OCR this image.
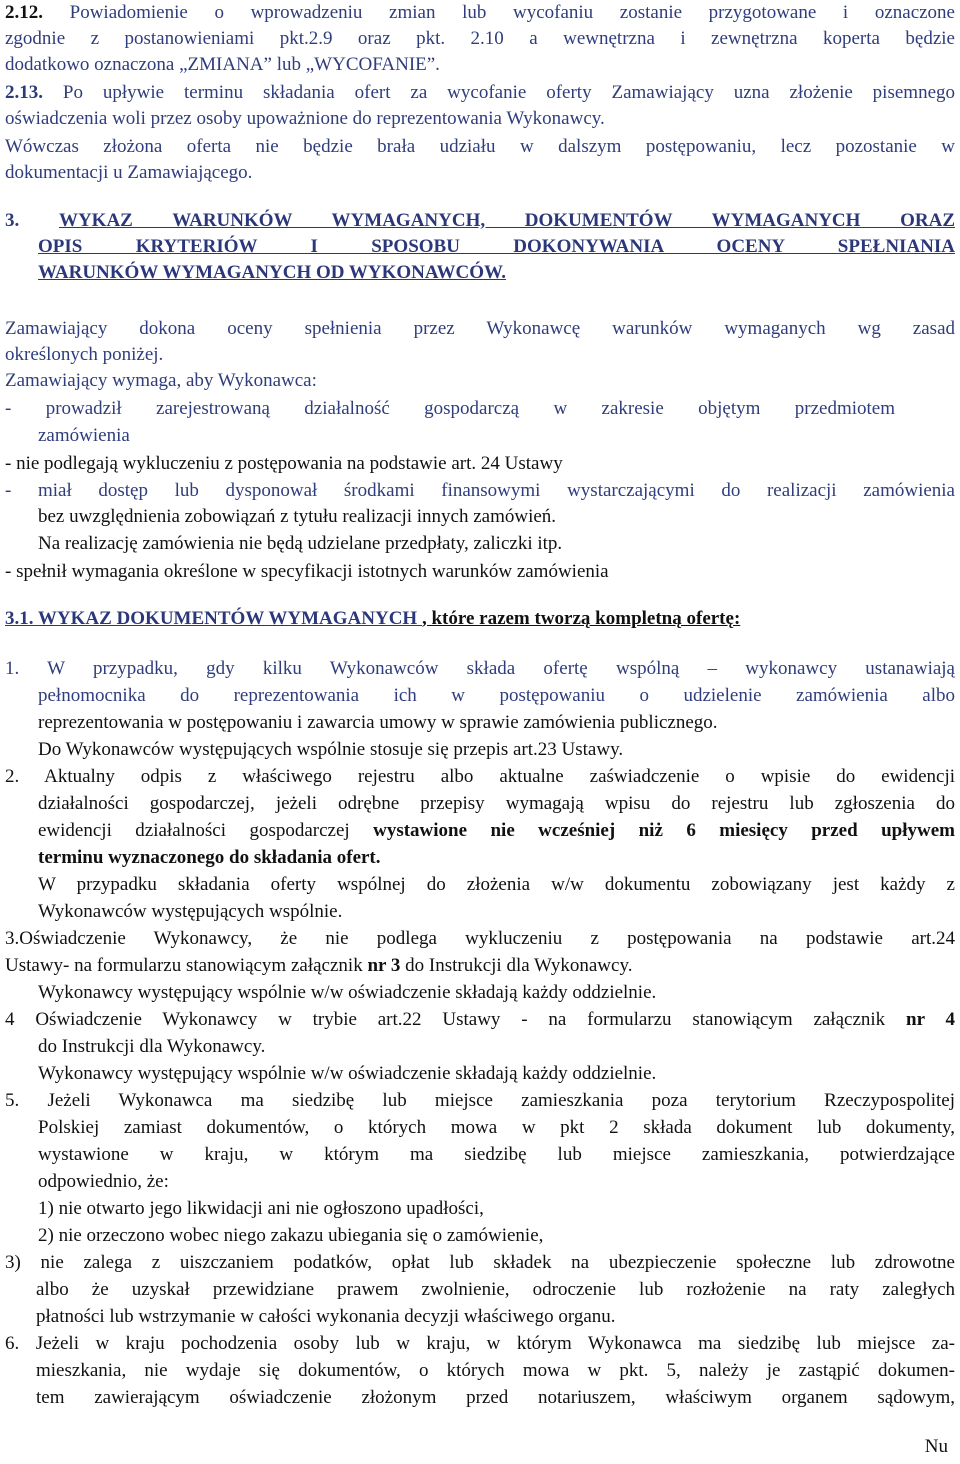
2.12. Powiadomienie o wprowadzeniu zmian lub wycofaniu zostanie przygotowane i oznaczone
zgodnie z postanowieniami pkt.2.9 oraz pkt. 2.10 a wewnętrzna i zewnętrzna koperta będzie
dodatkowo oznaczona „ZMIANA” lub „WYCOFANIE”.
2.13. Po upływie terminu składania ofert za wycofanie oferty Zamawiający uzna złożenie pisemnego
oświadczenia woli przez osoby upoważnione do reprezentowania Wykonawcy.
Wówczas złożona oferta nie będzie brała udziału w dalszym postępowaniu, lecz pozostanie w
dokumentacji u Zamawiającego.
3. WYKAZ WARUNKÓW WYMAGANYCH, DOKUMENTÓW WYMAGANYCH ORAZ
OPIS KRYTERIÓW I SPOSOBU DOKONYWANIA OCENY SPEŁNIANIA
WARUNKÓW WYMAGANYCH OD WYKONAWCÓW.
Zamawiający dokona oceny spełnienia przez Wykonawcę warunków wymaganych wg zasad
określonych poniżej.
Zamawiający wymaga, aby Wykonawca:
- prowadził zarejestrowaną działalność gospodarczą w zakresie objętym przedmiotem
zamówienia
- nie podlegają wykluczeniu z postępowania na podstawie art. 24 Ustawy
- miał dostęp lub dysponował środkami finansowymi wystarczającymi do realizacji zamówienia
bez uwzględnienia zobowiązań z tytułu realizacji innych zamówień.
Na realizację zamówienia nie będą udzielane przedpłaty, zaliczki itp.
- spełnił wymagania określone w specyfikacji istotnych warunków zamówienia
3.1. WYKAZ DOKUMENTÓW WYMAGANYCH , które razem tworzą kompletną ofertę:
1. W przypadku, gdy kilku Wykonawców składa ofertę wspólną – wykonawcy ustanawiają
pełnomocnika do reprezentowania ich w postępowaniu o udzielenie zamówienia albo
reprezentowania w postępowaniu i zawarcia umowy w sprawie zamówienia publicznego.
Do Wykonawców występujących wspólnie stosuje się przepis art.23 Ustawy.
2. Aktualny odpis z właściwego rejestru albo aktualne zaświadczenie o wpisie do ewidencji
działalności gospodarczej, jeżeli odrębne przepisy wymagają wpisu do rejestru lub zgłoszenia do
ewidencji działalności gospodarczej wystawione nie wcześniej niż 6 miesięcy przed upływem
terminu wyznaczonego do składania ofert.
W przypadku składania oferty wspólnej do złożenia w/w dokumentu zobowiązany jest każdy z
Wykonawców występujących wspólnie.
3.Oświadczenie Wykonawcy, że nie podlega wykluczeniu z postępowania na podstawie art.24
Ustawy- na formularzu stanowiącym załącznik nr 3 do Instrukcji dla Wykonawcy.
Wykonawcy występujący wspólnie w/w oświadczenie składają każdy oddzielnie.
4 Oświadczenie Wykonawcy w trybie art.22 Ustawy - na formularzu stanowiącym załącznik nr 4
do Instrukcji dla Wykonawcy.
Wykonawcy występujący wspólnie w/w oświadczenie składają każdy oddzielnie.
5. Jeżeli Wykonawca ma siedzibę lub miejsce zamieszkania poza terytorium Rzeczypospolitej
Polskiej zamiast dokumentów, o których mowa w pkt 2 składa dokument lub dokumenty,
wystawione w kraju, w którym ma siedzibę lub miejsce zamieszkania, potwierdzające
odpowiednio, że:
1) nie otwarto jego likwidacji ani nie ogłoszono upadłości,
2) nie orzeczono wobec niego zakazu ubiegania się o zamówienie,
3) nie zalega z uiszczaniem podatków, opłat lub składek na ubezpieczenie społeczne lub zdrowotne
albo że uzyskał przewidziane prawem zwolnienie, odroczenie lub rozłożenie na raty zaległych
płatności lub wstrzymanie w całości wykonania decyzji właściwego organu.
6. Jeżeli w kraju pochodzenia osoby lub w kraju, w którym Wykonawca ma siedzibę lub miejsce za-
mieszkania, nie wydaje się dokumentów, o których mowa w pkt. 5, należy je zastąpić dokumen-
tem zawierającym oświadczenie złożonym przed notariuszem, właściwym organem sądowym,
Nu
